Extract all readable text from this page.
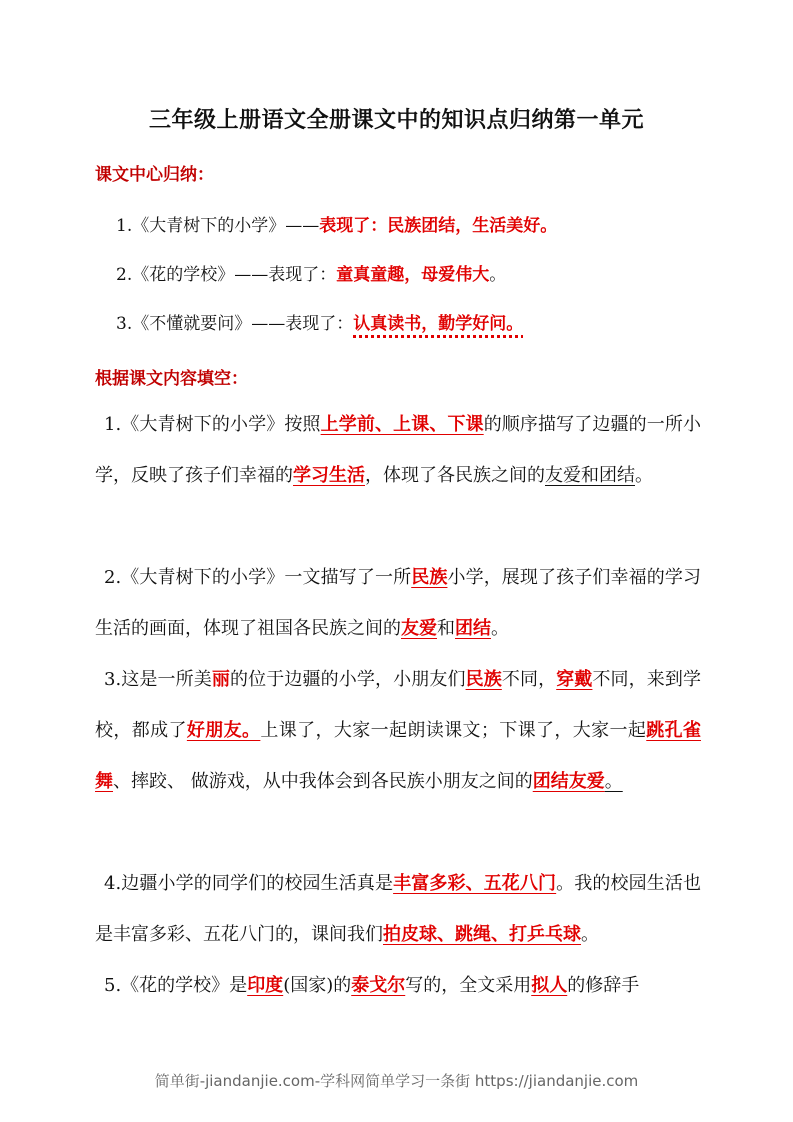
三年级上册语文全册课文中的知识点归纳第一单元
课文中心归纳：
1.《大青树下的小学》——表现了：民族团结，生活美好。
2.《花的学校》——表现了：童真童趣，母爱伟大。
3.《不懂就要问》——表现了：认真读书，勤学好问。
根据课文内容填空：
1.《大青树下的小学》按照上学前、上课、下课的顺序描写了边疆的一所小学，反映了孩子们幸福的学习生活，体现了各民族之间的友爱和团结。
2.《大青树下的小学》一文描写了一所民族小学，展现了孩子们幸福的学习生活的画面，体现了祖国各民族之间的友爱和团结。
3.这是一所美丽的位于边疆的小学，小朋友们民族不同，穿戴不同，来到学校，都成了好朋友。上课了，大家一起朗读课文；下课了，大家一起跳孔雀舞、摔跤、 做游戏，从中我体会到各民族小朋友之间的团结友爱。
4.边疆小学的同学们的校园生活真是丰富多彩、五花八门。我的校园生活也是丰富多彩、五花八门的，课间我们拍皮球、跳绳、打乒乓球。
5.《花的学校》是印度(国家)的泰戈尔写的，全文采用拟人的修辞手
简单街-jiandanjie.com-学科网简单学习一条街 https://jiandanjie.com
